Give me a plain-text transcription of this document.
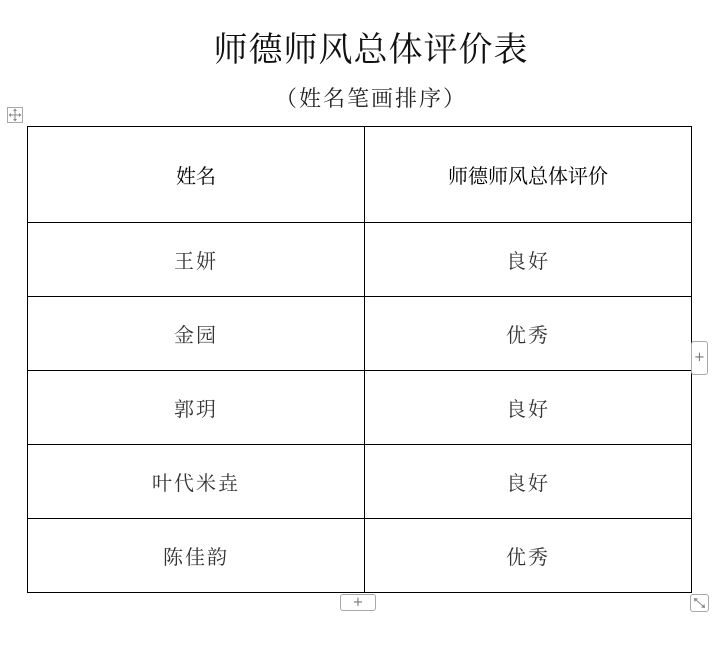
师德师风总体评价表
（姓名笔画排序）
姓名	师德师风总体评价
王妍	良好
金园	优秀
郭玥	良好
叶代米垚	良好
陈佳韵	优秀
+
+
